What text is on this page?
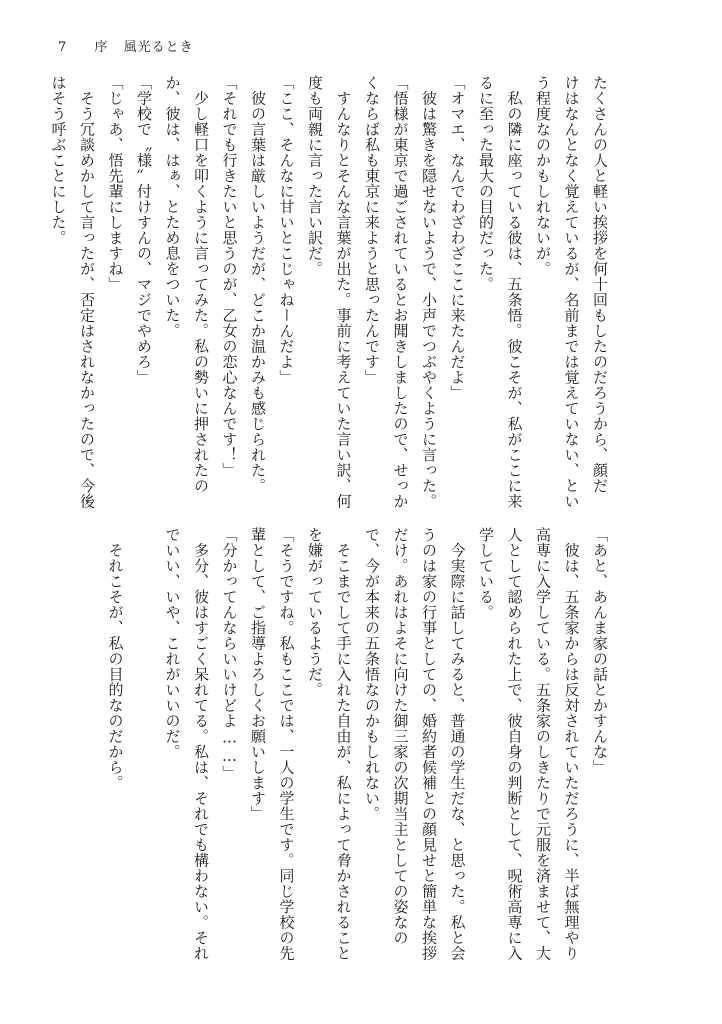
7 序 風光るとき

たくさんの人と軽い挨拶を何十回もしたのだろうから、顔だ

けはなんとなく覚えているが、名前までは覚えていない、とい

う程度なのかもしれないが。

　私の隣に座っている彼は、五条悟。彼こそが、私がここに来

るに至った最大の目的だった。

「オマエ、なんでわざわざここに来たんだよ」

　彼は驚きを隠せないようで、小声でつぶやくように言った。

「悟様が東京で過ごされているとお聞きしましたので、せっか

くならば私も東京に来ようと思ったんです」

　すんなりとそんな言葉が出た。事前に考えていた言い訳、何

度も両親に言った言い訳だ。

「ここ、そんなに甘いとこじゃねーんだよ」

　彼の言葉は厳しいようだが、どこか温かみも感じられた。

「それでも行きたいと思うのが、乙女の恋心なんです！」

　少し軽口を叩くように言ってみた。私の勢いに押されたの

か、彼は、はぁ、とため息をついた。

「学校で〝様〟付けすんの、マジでやめろ」

「じゃあ、悟先輩にしますね」

　そう冗談めかして言ったが、否定はされなかったので、今後

はそう呼ぶことにした。

「あと、あんま家の話とかすんな」

　彼は、五条家からは反対されていただろうに、半ば無理やり

高専に入学している。五条家のしきたりで元服を済ませて、大

人として認められた上で、彼自身の判断として、呪術高専に入

学している。

　今実際に話してみると、普通の学生だな、と思った。私と会

うのは家の行事としての、婚約者候補との顔見せと簡単な挨拶

だけ。あれはよそに向けた御三家の次期当主としての姿なの

で、今が本来の五条悟なのかもしれない。

　そこまでして手に入れた自由が、私によって脅かされること

を嫌がっているようだ。

「そうですね。私もここでは、一人の学生です。同じ学校の先

輩として、ご指導よろしくお願いします」

「分かってんならいいけどよ……」

　多分、彼はすごく呆れてる。私は、それでも構わない。それ

でいい、いや、これがいいのだ。

　それこそが、私の目的なのだから。
